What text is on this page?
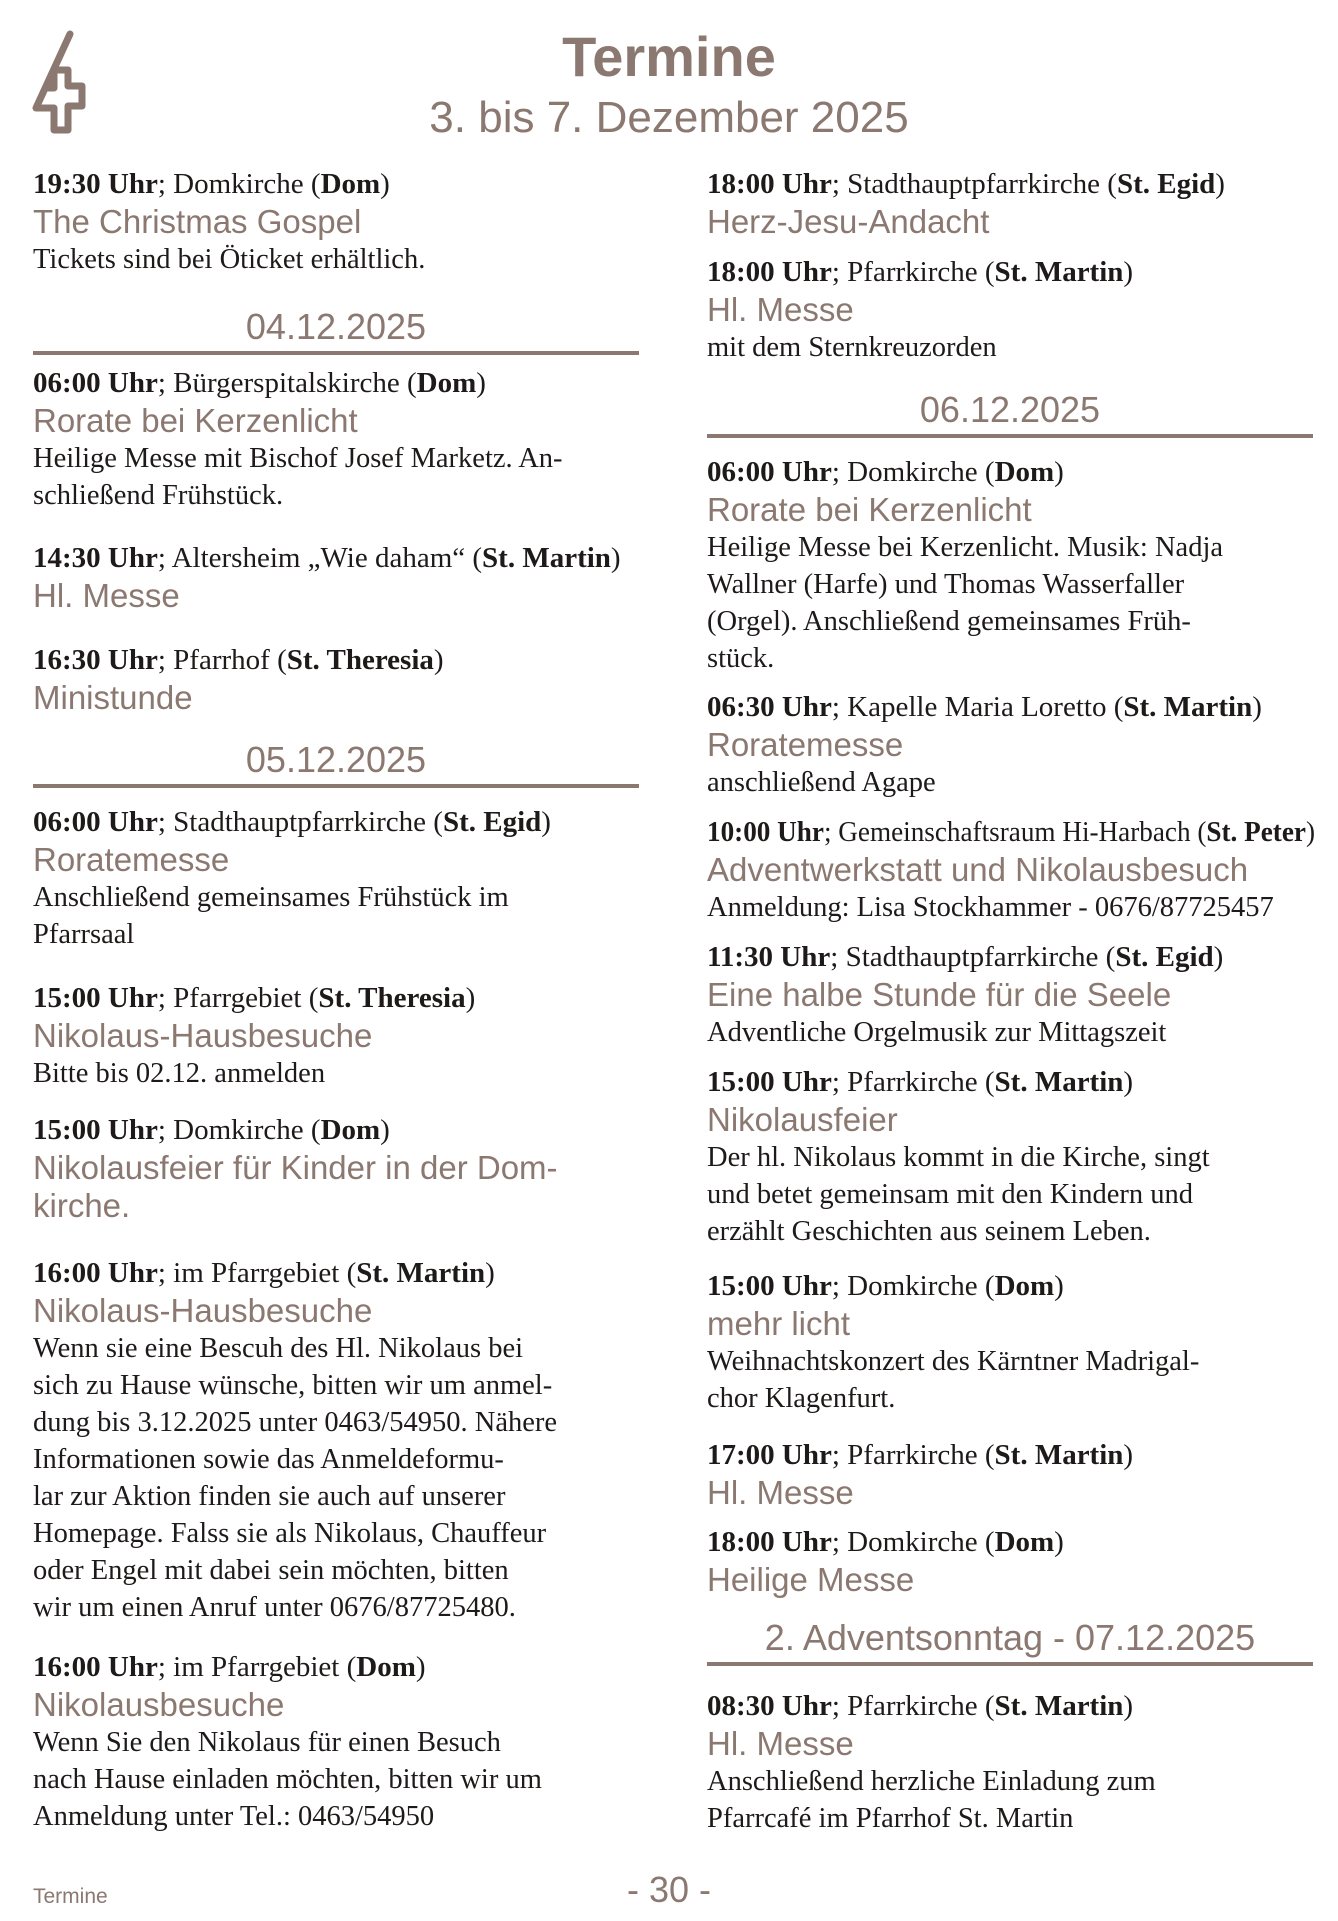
Termine
3. bis 7. Dezember 2025
19:30 Uhr; Domkirche (Dom)
The Christmas Gospel
Tickets sind bei Öticket erhältlich.
04.12.2025
06:00 Uhr; Bürgerspitalskirche (Dom)
Rorate bei Kerzenlicht
Heilige Messe mit Bischof Josef Marketz. An-
schließend Frühstück.
14:30 Uhr; Altersheim „Wie daham“ (St. Martin)
Hl. Messe
16:30 Uhr; Pfarrhof (St. Theresia)
Ministunde
05.12.2025
06:00 Uhr; Stadthauptpfarrkirche (St. Egid)
Roratemesse
Anschließend gemeinsames Frühstück im
Pfarrsaal
15:00 Uhr; Pfarrgebiet (St. Theresia)
Nikolaus-Hausbesuche
Bitte bis 02.12. anmelden
15:00 Uhr; Domkirche (Dom)
Nikolausfeier für Kinder in der Dom-
kirche.
16:00 Uhr; im Pfarrgebiet (St. Martin)
Nikolaus-Hausbesuche
Wenn sie eine Bescuh des Hl. Nikolaus bei
sich zu Hause wünsche, bitten wir um anmel-
dung bis 3.12.2025 unter 0463/54950. Nähere
Informationen sowie das Anmeldeformu-
lar zur Aktion finden sie auch auf unserer
Homepage. Falss sie als Nikolaus, Chauffeur
oder Engel mit dabei sein möchten, bitten
wir um einen Anruf unter 0676/87725480.
16:00 Uhr; im Pfarrgebiet (Dom)
Nikolausbesuche
Wenn Sie den Nikolaus für einen Besuch
nach Hause einladen möchten, bitten wir um
Anmeldung unter Tel.: 0463/54950
18:00 Uhr; Stadthauptpfarrkirche (St. Egid)
Herz-Jesu-Andacht
18:00 Uhr; Pfarrkirche (St. Martin)
Hl. Messe
mit dem Sternkreuzorden
06.12.2025
06:00 Uhr; Domkirche (Dom)
Rorate bei Kerzenlicht
Heilige Messe bei Kerzenlicht. Musik: Nadja
Wallner (Harfe) und Thomas Wasserfaller
(Orgel). Anschließend gemeinsames Früh-
stück.
06:30 Uhr; Kapelle Maria Loretto (St. Martin)
Roratemesse
anschließend Agape
10:00 Uhr; Gemeinschaftsraum Hi-Harbach (St. Peter)
Adventwerkstatt und Nikolausbesuch
Anmeldung: Lisa Stockhammer - 0676/87725457
11:30 Uhr; Stadthauptpfarrkirche (St. Egid)
Eine halbe Stunde für die Seele
Adventliche Orgelmusik zur Mittagszeit
15:00 Uhr; Pfarrkirche (St. Martin)
Nikolausfeier
Der hl. Nikolaus kommt in die Kirche, singt
und betet gemeinsam mit den Kindern und
erzählt Geschichten aus seinem Leben.
15:00 Uhr; Domkirche (Dom)
mehr licht
Weihnachtskonzert des Kärntner Madrigal-
chor Klagenfurt.
17:00 Uhr; Pfarrkirche (St. Martin)
Hl. Messe
18:00 Uhr; Domkirche (Dom)
Heilige Messe
2. Adventsonntag - 07.12.2025
08:30 Uhr; Pfarrkirche (St. Martin)
Hl. Messe
Anschließend herzliche Einladung zum
Pfarrcafé im Pfarrhof St. Martin
Termine	- 30 -
